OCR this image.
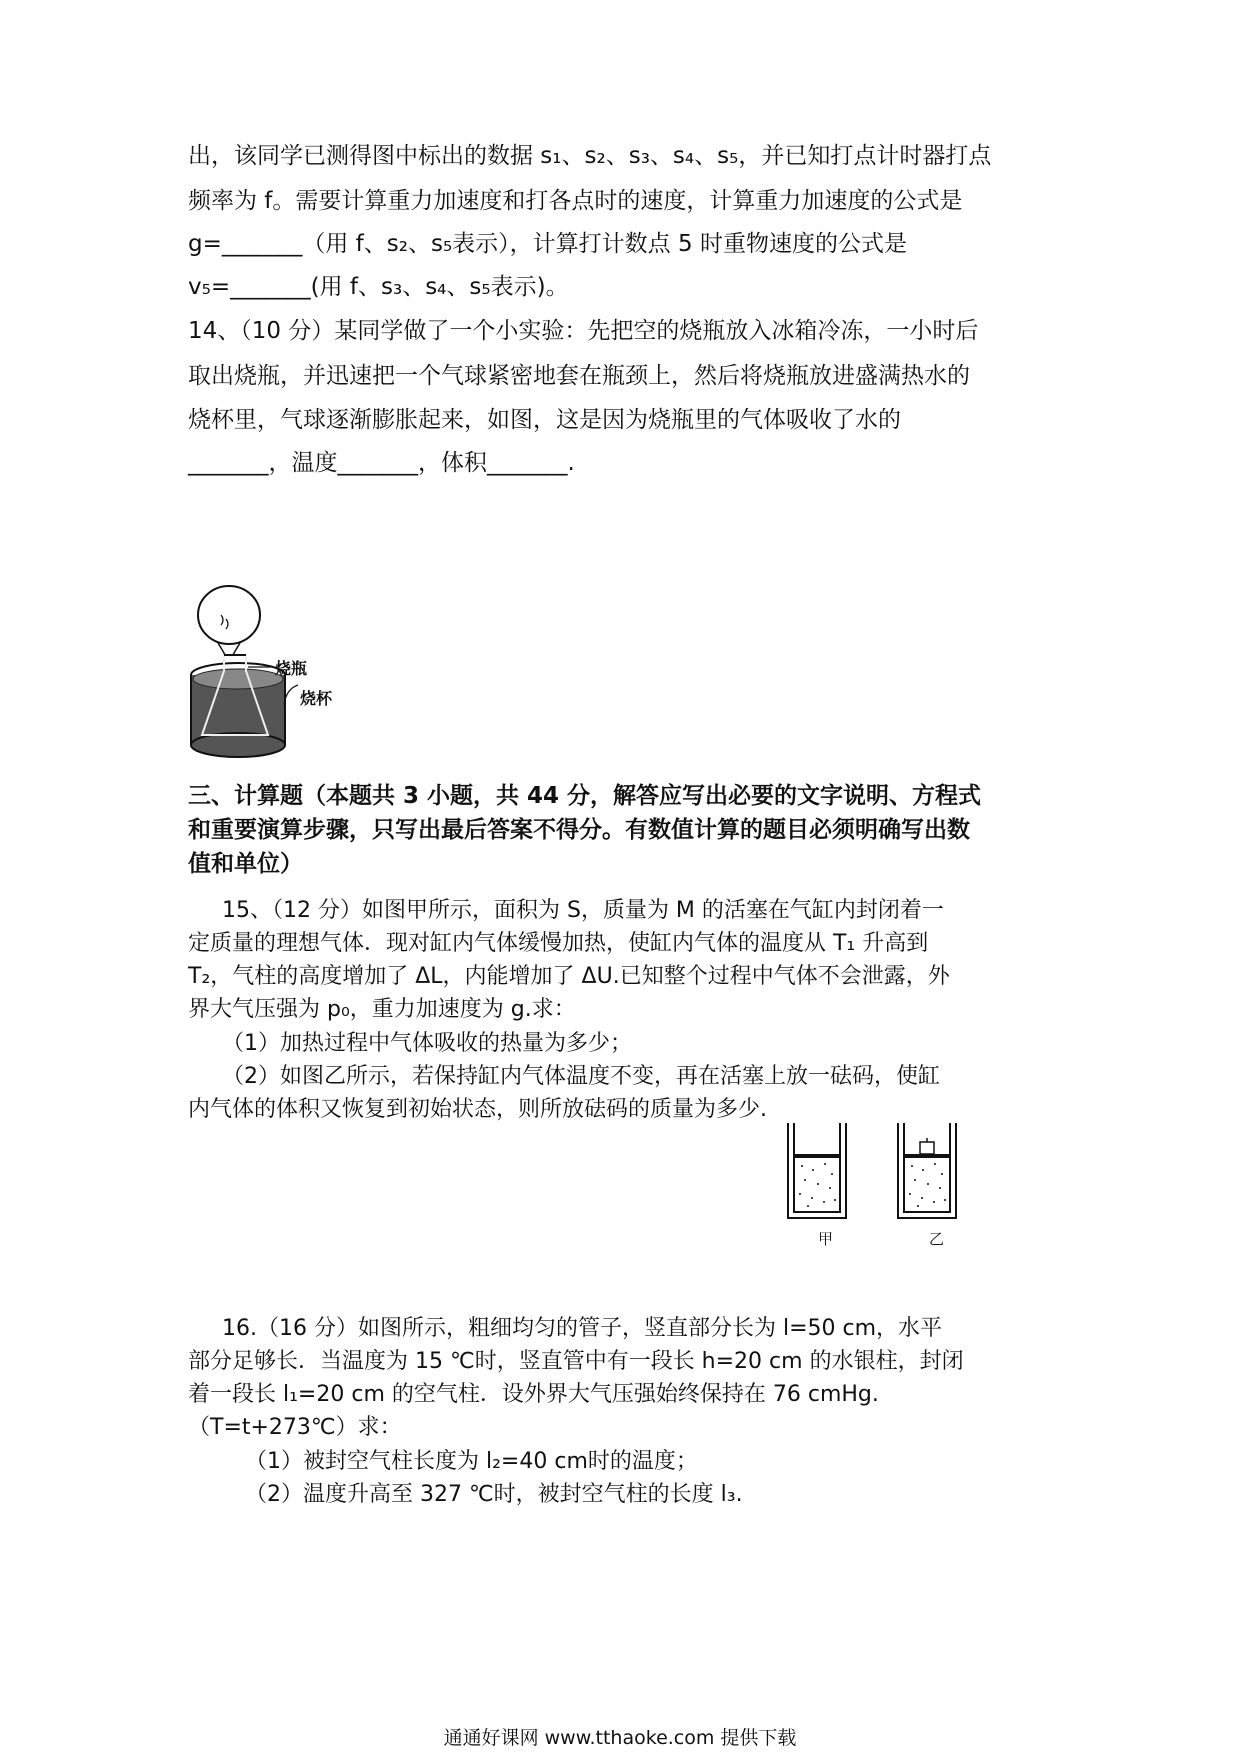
出，该同学已测得图中标出的数据 s₁、s₂、s₃、s₄、s₅，并已知打点计时器打点
频率为 f。需要计算重力加速度和打各点时的速度，计算重力加速度的公式是
g=_______（用 f、s₂、s₅表示），计算打计数点 5 时重物速度的公式是
v₅=_______(用 f、s₃、s₄、s₅表示)。
14、（10 分）某同学做了一个小实验：先把空的烧瓶放入冰箱冷冻，一小时后
取出烧瓶，并迅速把一个气球紧密地套在瓶颈上，然后将烧瓶放进盛满热水的
烧杯里，气球逐渐膨胀起来，如图，这是因为烧瓶里的气体吸收了水的
_______，温度_______，体积_______.
烧瓶
烧杯
三、计算题（本题共 3 小题，共 44 分，解答应写出必要的文字说明、方程式
和重要演算步骤，只写出最后答案不得分。有数值计算的题目必须明确写出数
值和单位）
15、（12 分）如图甲所示，面积为 S，质量为 M 的活塞在气缸内封闭着一
定质量的理想气体．现对缸内气体缓慢加热，使缸内气体的温度从 T₁ 升高到
T₂，气柱的高度增加了 ΔL，内能增加了 ΔU.已知整个过程中气体不会泄露，外
界大气压强为 p₀，重力加速度为 g.求：
（1）加热过程中气体吸收的热量为多少；
（2）如图乙所示，若保持缸内气体温度不变，再在活塞上放一砝码，使缸
内气体的体积又恢复到初始状态，则所放砝码的质量为多少.
甲	乙
16.（16 分）如图所示，粗细均匀的管子，竖直部分长为 l=50 cm，水平
部分足够长．当温度为 15 ℃时，竖直管中有一段长 h=20 cm 的水银柱，封闭
着一段长 l₁=20 cm 的空气柱．设外界大气压强始终保持在 76 cmHg.
（T=t+273℃）求：
（1）被封空气柱长度为 l₂=40 cm时的温度；
（2）温度升高至 327 ℃时，被封空气柱的长度 l₃.
通通好课网 www.tthaoke.com 提供下载
